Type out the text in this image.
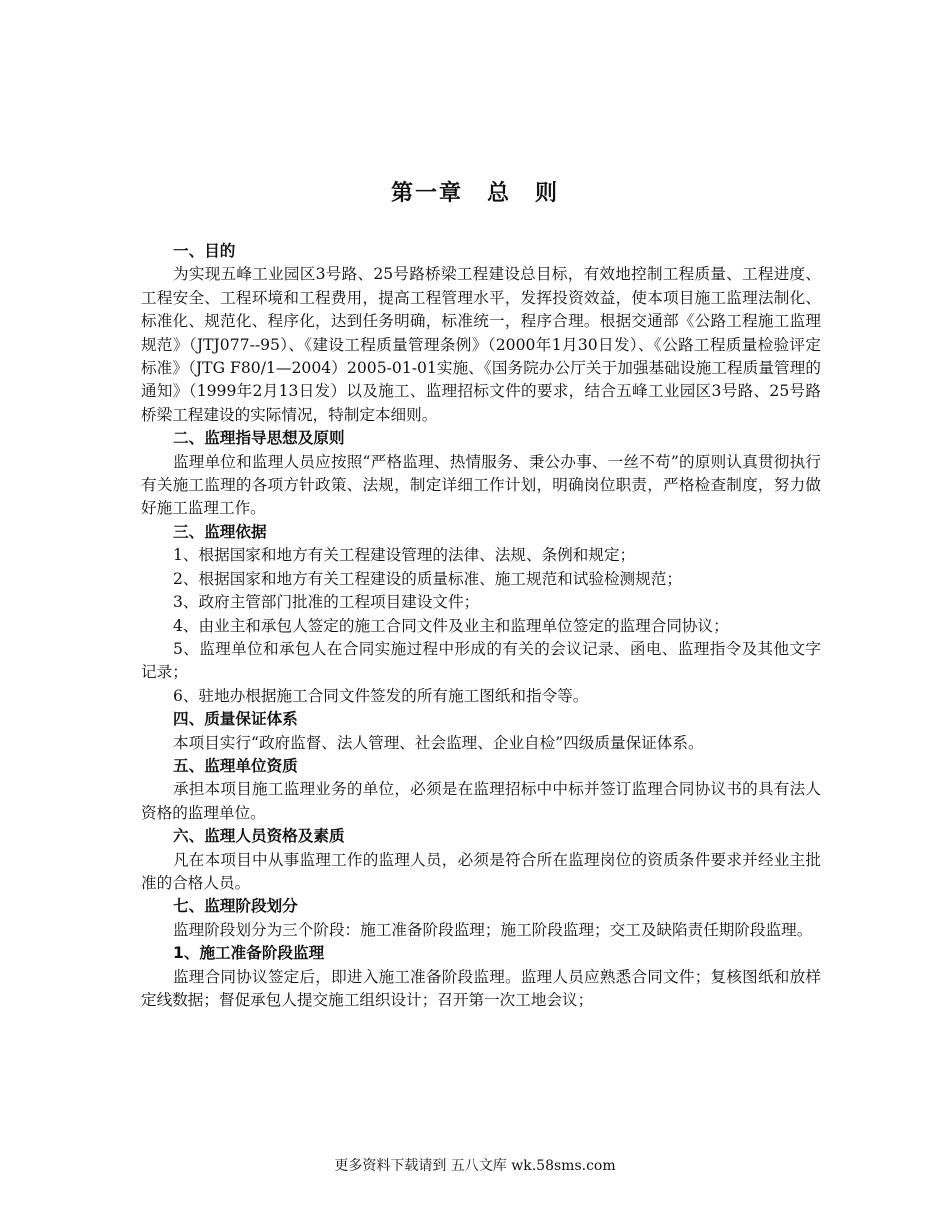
第一章　总　则
一、目的
为实现五峰工业园区3号路、25号路桥梁工程建设总目标，有效地控制工程质量、工程进度、工程安全、工程环境和工程费用，提高工程管理水平，发挥投资效益，使本项目施工监理法制化、标准化、规范化、程序化，达到任务明确，标准统一，程序合理。根据交通部《公路工程施工监理规范》（JTJ077--95）、《建设工程质量管理条例》（2000年1月30日发）、《公路工程质量检验评定标准》（JTG F80/1—2004）2005-01-01实施、《国务院办公厅关于加强基础设施工程质量管理的通知》（1999年2月13日发）以及施工、监理招标文件的要求，结合五峰工业园区3号路、25号路桥梁工程建设的实际情况，特制定本细则。
二、监理指导思想及原则
监理单位和监理人员应按照“严格监理、热情服务、秉公办事、一丝不苟”的原则认真贯彻执行有关施工监理的各项方针政策、法规，制定详细工作计划，明确岗位职责，严格检查制度，努力做好施工监理工作。
三、监理依据
1、根据国家和地方有关工程建设管理的法律、法规、条例和规定；
2、根据国家和地方有关工程建设的质量标准、施工规范和试验检测规范；
3、政府主管部门批准的工程项目建设文件；
4、由业主和承包人签定的施工合同文件及业主和监理单位签定的监理合同协议；
5、监理单位和承包人在合同实施过程中形成的有关的会议记录、函电、监理指令及其他文字记录；
6、驻地办根据施工合同文件签发的所有施工图纸和指令等。
四、质量保证体系
本项目实行“政府监督、法人管理、社会监理、企业自检”四级质量保证体系。
五、监理单位资质
承担本项目施工监理业务的单位，必须是在监理招标中中标并签订监理合同协议书的具有法人资格的监理单位。
六、监理人员资格及素质
凡在本项目中从事监理工作的监理人员，必须是符合所在监理岗位的资质条件要求并经业主批准的合格人员。
七、监理阶段划分
监理阶段划分为三个阶段：施工准备阶段监理；施工阶段监理；交工及缺陷责任期阶段监理。
1、施工准备阶段监理
监理合同协议签定后，即进入施工准备阶段监理。监理人员应熟悉合同文件；复核图纸和放样定线数据；督促承包人提交施工组织设计；召开第一次工地会议；
更多资料下载请到 五八文库 wk.58sms.com
